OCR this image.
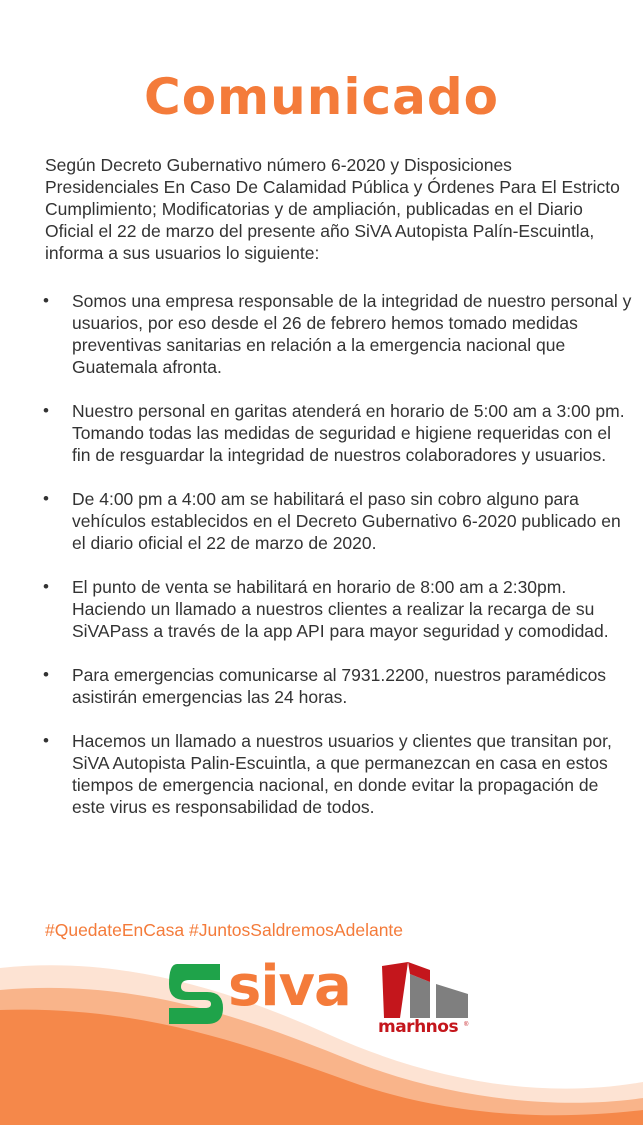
Comunicado

Según Decreto Gubernativo número 6-2020 y Disposiciones Presidenciales En Caso De Calamidad Pública y Órdenes Para El Estricto Cumplimiento; Modificatorias y de ampliación, publicadas en el Diario Oficial el 22 de marzo del presente año SiVA Autopista Palín-Escuintla, informa a sus usuarios lo siguiente:

• Somos una empresa responsable de la integridad de nuestro personal y usuarios, por eso desde el 26 de febrero hemos tomado medidas preventivas sanitarias en relación a la emergencia nacional que Guatemala afronta.
• Nuestro personal en garitas atenderá en horario de 5:00 am a 3:00 pm. Tomando todas las medidas de seguridad e higiene requeridas con el fin de resguardar la integridad de nuestros colaboradores y usuarios.
• De 4:00 pm a 4:00 am se habilitará el paso sin cobro alguno para vehículos establecidos en el Decreto Gubernativo 6-2020 publicado en el diario oficial el 22 de marzo de 2020.
• El punto de venta se habilitará en horario de 8:00 am a 2:30pm. Haciendo un llamado a nuestros clientes a realizar la recarga de su SiVAPass a través de la app API para mayor seguridad y comodidad.
• Para emergencias comunicarse al 7931.2200, nuestros paramédicos asistirán emergencias las 24 horas.
• Hacemos un llamado a nuestros usuarios y clientes que transitan por, SiVA Autopista Palin-Escuintla, a que permanezcan en casa en estos tiempos de emergencia nacional, en donde evitar la propagación de este virus es responsabilidad de todos.

#QuedateEnCasa #JuntosSaldremosAdelante

siva
marhnos ®
